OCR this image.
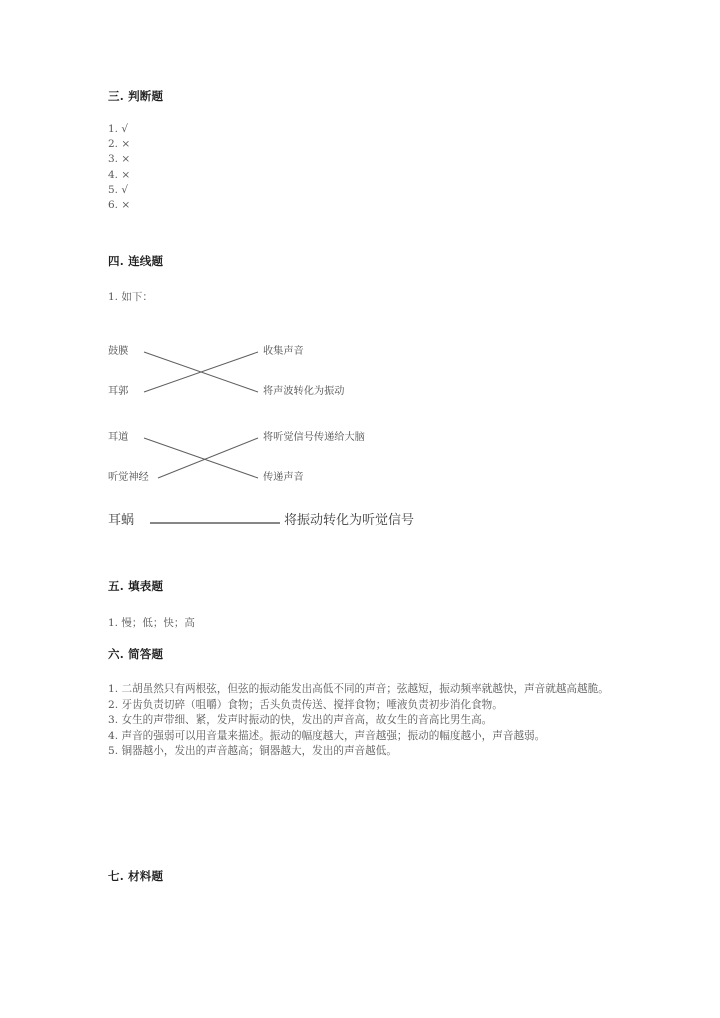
三. 判断题
1. √
2. ×
3. ×
4. ×
5. √
6. ×
四. 连线题
1. 如下：
鼓膜
耳郭
耳道
听觉神经
耳蜗
收集声音
将声波转化为振动
将听觉信号传递给大脑
传递声音
将振动转化为听觉信号
五. 填表题
1. 慢；低；快；高
六. 简答题

1. 二胡虽然只有两根弦，但弦的振动能发出高低不同的声音；弦越短，振动频率就越快，声音就越高越脆。

2. 牙齿负责切碎（咀嚼）食物；舌头负责传送、搅拌食物；唾液负责初步消化食物。

3. 女生的声带细、紧，发声时振动的快，发出的声音高，故女生的音高比男生高。

4. 声音的强弱可以用音量来描述。振动的幅度越大，声音越强；振动的幅度越小，声音越弱。

5. 铜器越小，发出的声音越高；铜器越大，发出的声音越低。

七. 材料题
